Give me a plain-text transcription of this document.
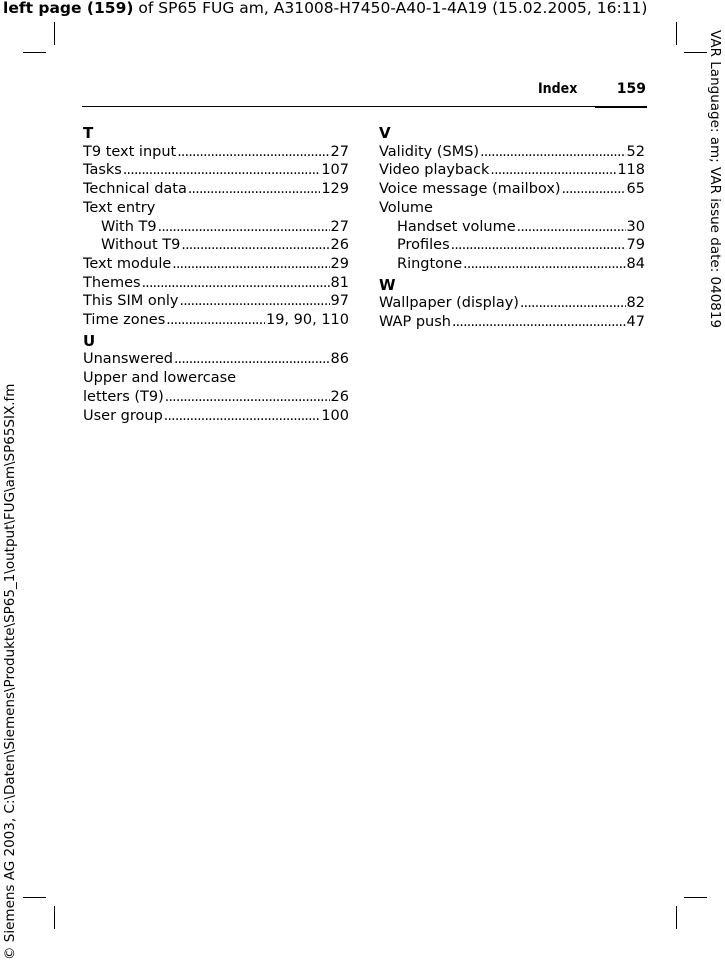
left page (159) of SP65 FUG am, A31008-H7450-A40-1-4A19 (15.02.2005, 16:11)
VAR Language: am; VAR issue date: 040819
© Siemens AG 2003, C:\Daten\Siemens\Produkte\SP65_1\output\FUG\am\SP65SIX.fm
Index	159
T
T9 text input . . .	27
Tasks . . .	107
Technical data . . .	129
Text entry
With T9 . . .	27
Without T9 . . .	26
Text module . . .	29
Themes . . .	81
This SIM only . . .	97
Time zones . . .	19, 90, 110
U
Unanswered . . .	86
Upper and lowercase
letters (T9) . . .	26
User group . . .	100
V
Validity (SMS) . . .	52
Video playback . . .	118
Voice message (mailbox) . . .	65
Volume
Handset volume . . .	30
Profiles . . .	79
Ringtone . . .	84
W
Wallpaper (display) . . .	82
WAP push . . .	47
